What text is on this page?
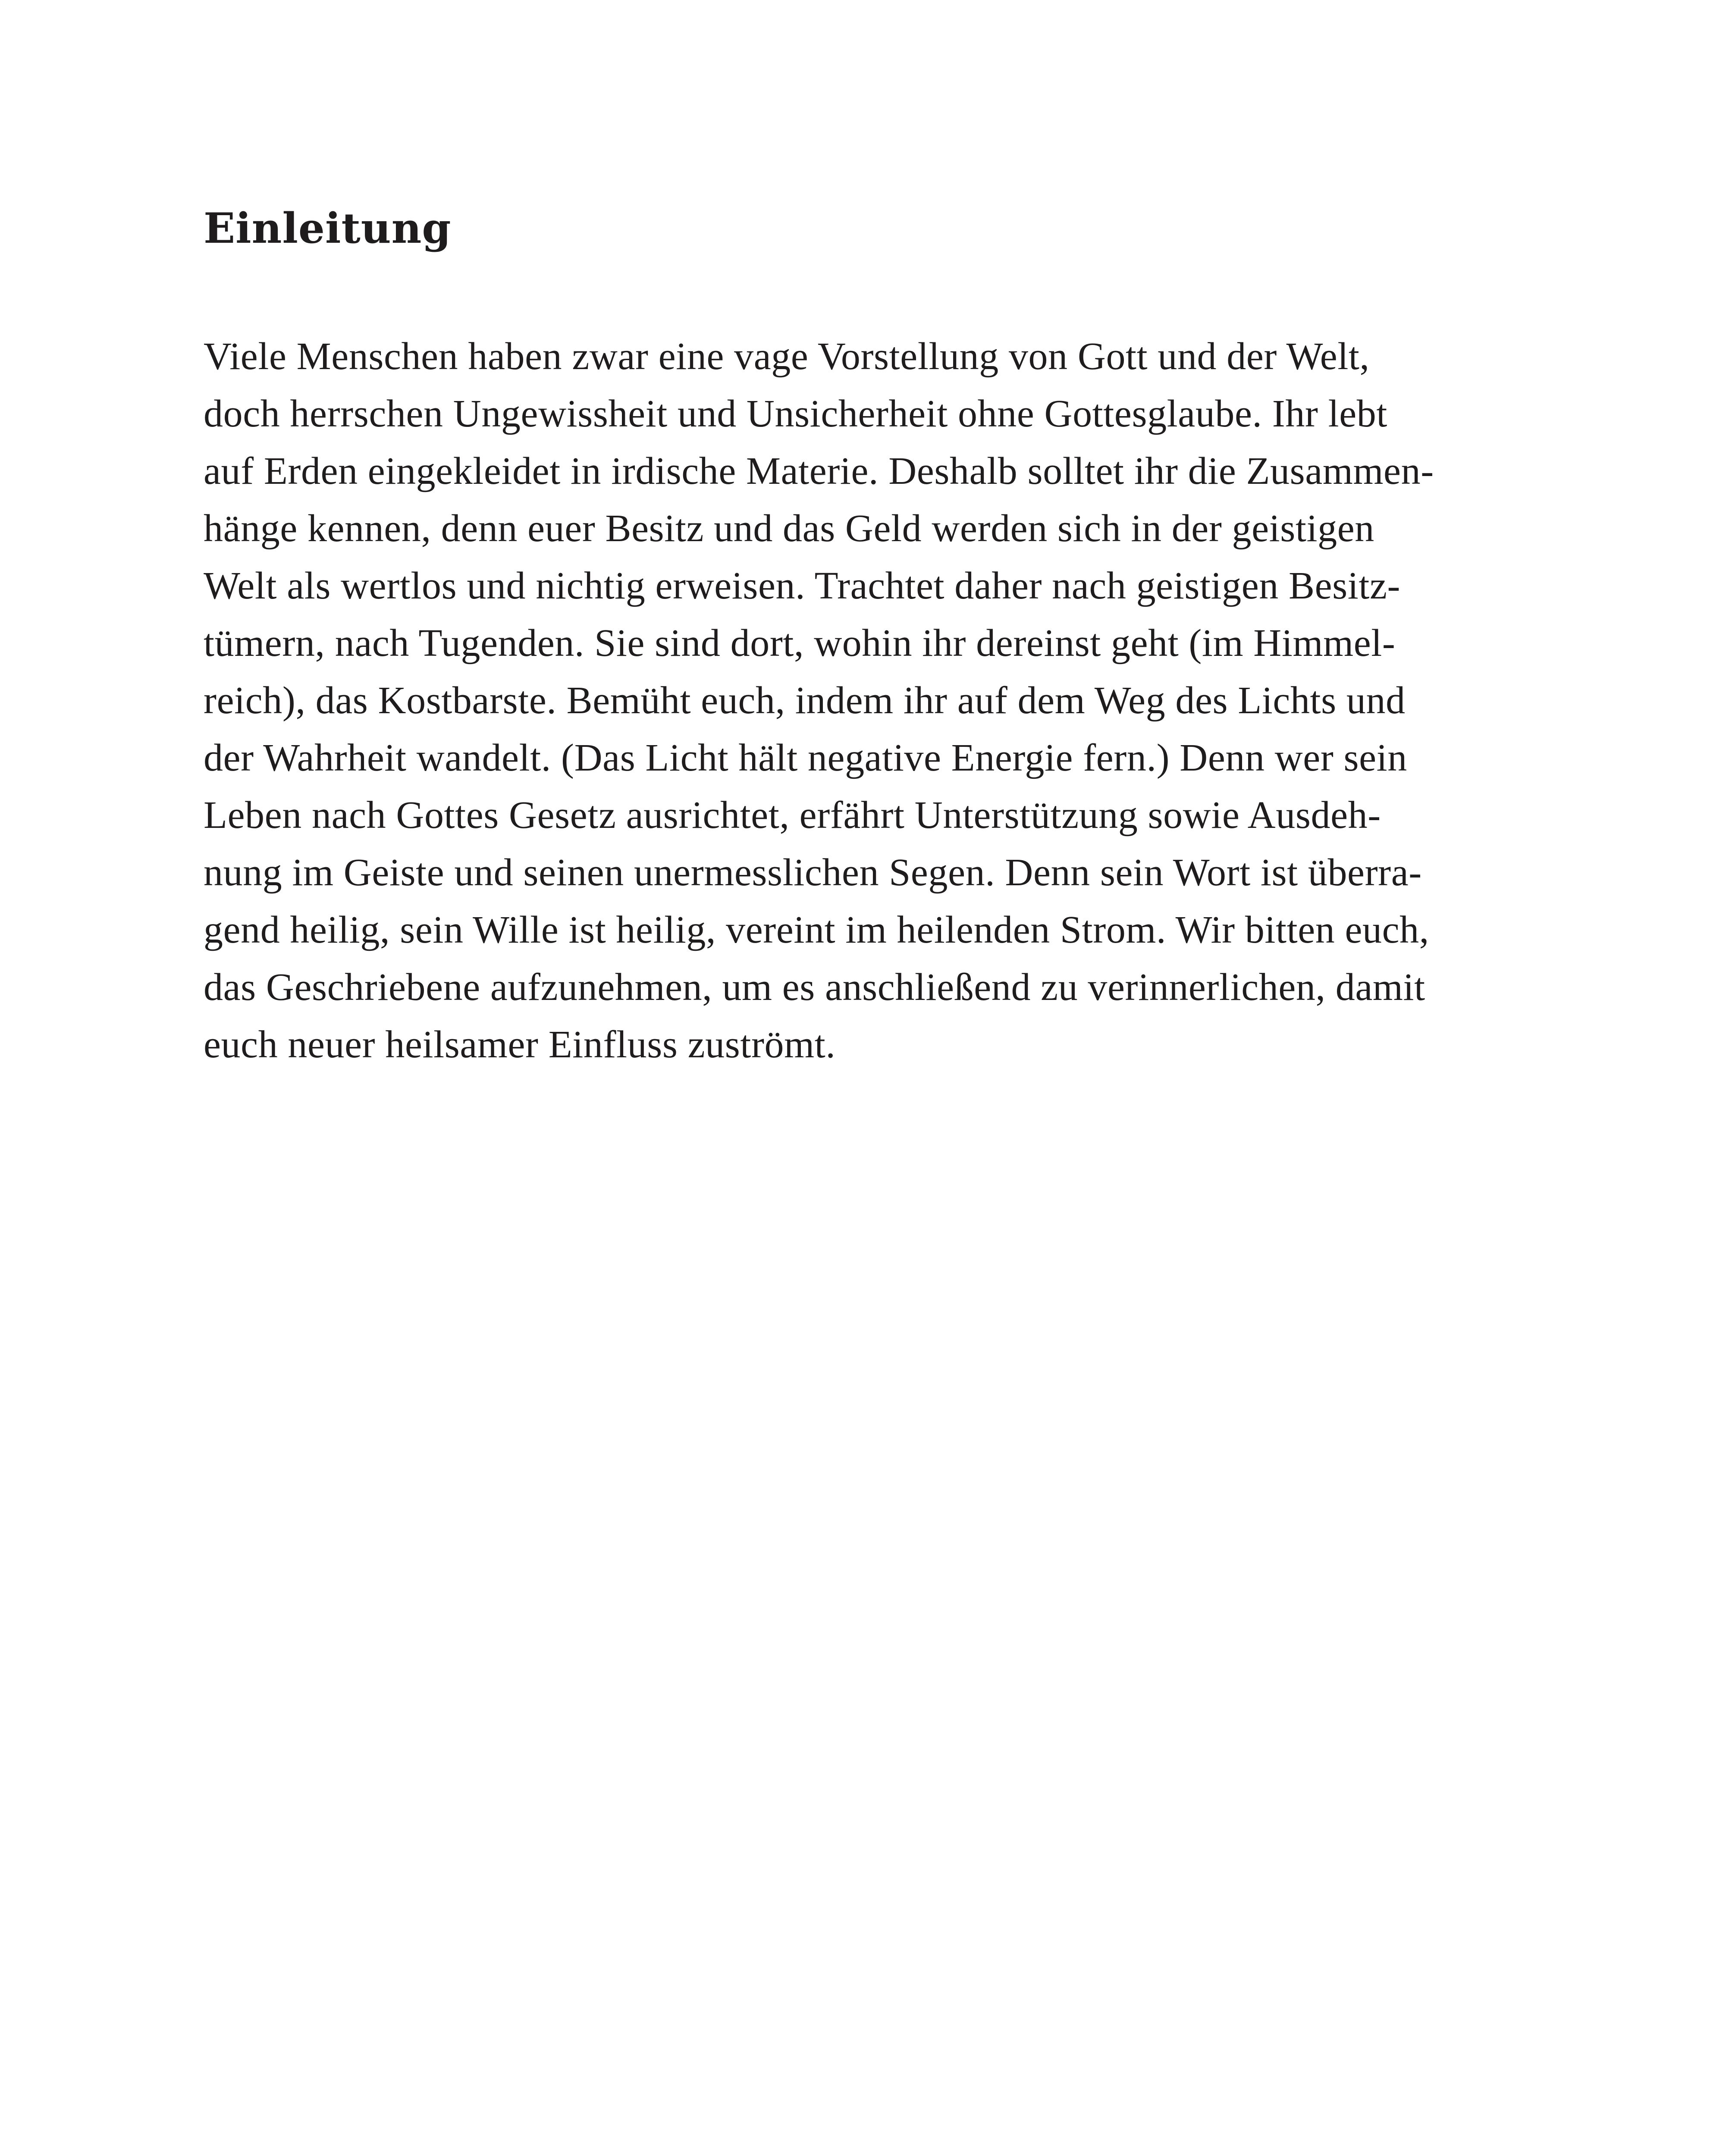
Einleitung
Viele Menschen haben zwar eine vage Vorstellung von Gott und der Welt,
doch herrschen Ungewissheit und Unsicherheit ohne Gottesglaube. Ihr lebt
auf Erden eingekleidet in irdische Materie. Deshalb solltet ihr die Zusammen-
hänge kennen, denn euer Besitz und das Geld werden sich in der geistigen
Welt als wertlos und nichtig erweisen. Trachtet daher nach geistigen Besitz-
tümern, nach Tugenden. Sie sind dort, wohin ihr dereinst geht (im Himmel-
reich), das Kostbarste. Bemüht euch, indem ihr auf dem Weg des Lichts und
der Wahrheit wandelt. (Das Licht hält negative Energie fern.) Denn wer sein
Leben nach Gottes Gesetz ausrichtet, erfährt Unterstützung sowie Ausdeh-
nung im Geiste und seinen unermesslichen Segen. Denn sein Wort ist überra-
gend heilig, sein Wille ist heilig, vereint im heilenden Strom. Wir bitten euch,
das Geschriebene aufzunehmen, um es anschließend zu verinnerlichen, damit
euch neuer heilsamer Einfluss zuströmt.
